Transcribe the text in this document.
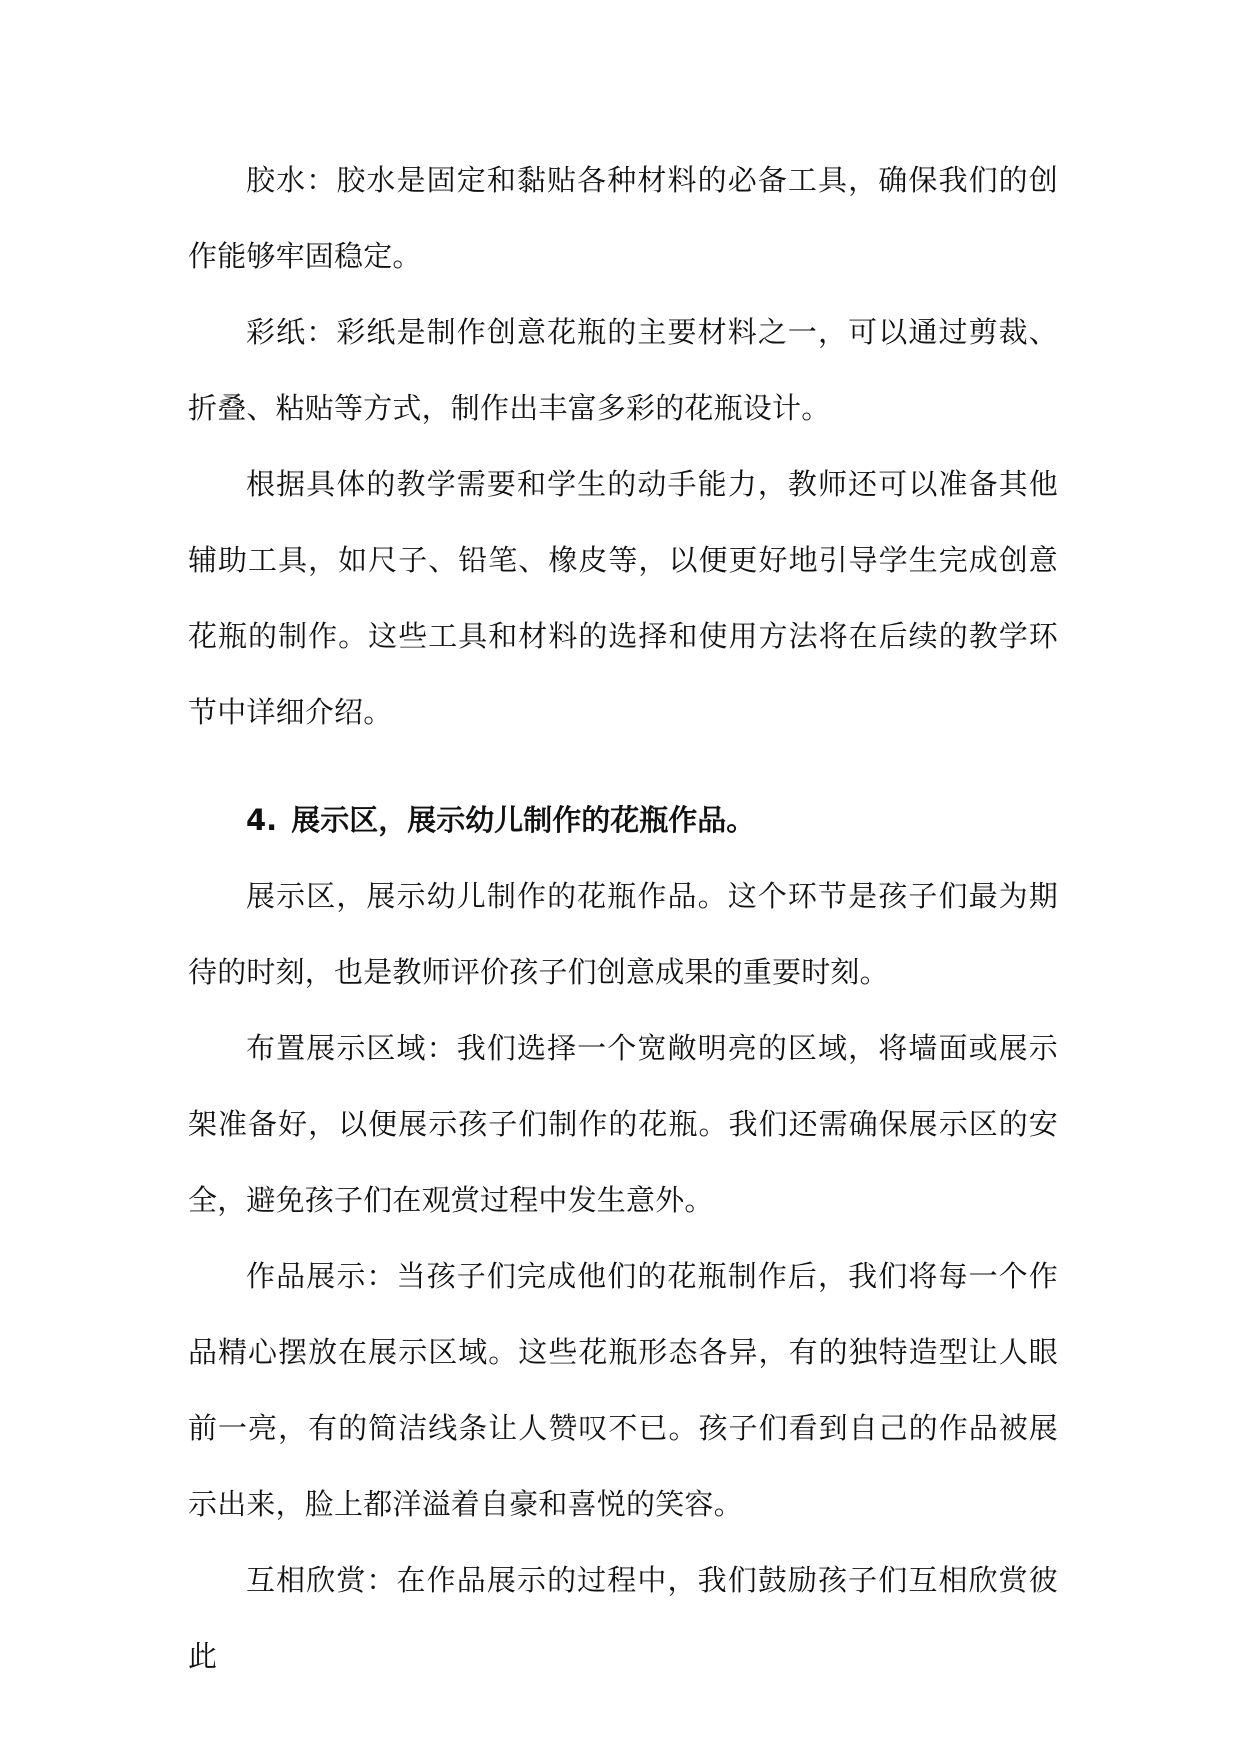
胶水：胶水是固定和黏贴各种材料的必备工具，确保我们的创作能够牢固稳定。

彩纸：彩纸是制作创意花瓶的主要材料之一，可以通过剪裁、折叠、粘贴等方式，制作出丰富多彩的花瓶设计。

根据具体的教学需要和学生的动手能力，教师还可以准备其他辅助工具，如尺子、铅笔、橡皮等，以便更好地引导学生完成创意花瓶的制作。这些工具和材料的选择和使用方法将在后续的教学环节中详细介绍。

4. 展示区，展示幼儿制作的花瓶作品。

展示区，展示幼儿制作的花瓶作品。这个环节是孩子们最为期待的时刻，也是教师评价孩子们创意成果的重要时刻。

布置展示区域：我们选择一个宽敞明亮的区域，将墙面或展示架准备好，以便展示孩子们制作的花瓶。我们还需确保展示区的安全，避免孩子们在观赏过程中发生意外。

作品展示：当孩子们完成他们的花瓶制作后，我们将每一个作品精心摆放在展示区域。这些花瓶形态各异，有的独特造型让人眼前一亮，有的简洁线条让人赞叹不已。孩子们看到自己的作品被展示出来，脸上都洋溢着自豪和喜悦的笑容。

互相欣赏：在作品展示的过程中，我们鼓励孩子们互相欣赏彼此
